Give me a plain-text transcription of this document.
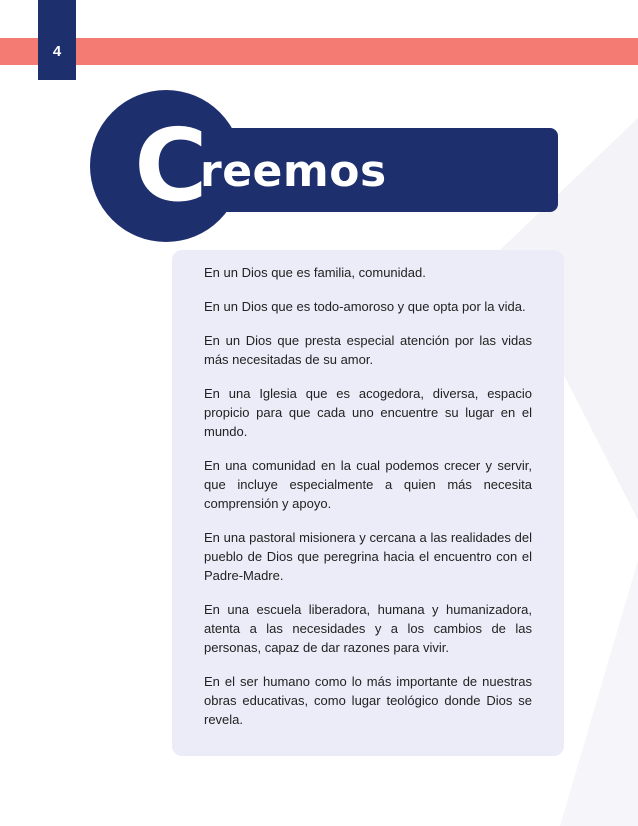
4
C
reemos
En un Dios que es familia, comunidad.
En un Dios que es todo-amoroso y que opta por la vida.
En un Dios que presta especial atención por las vidas más necesitadas de su amor.
En una Iglesia que es acogedora, diversa, espacio propicio para que cada uno encuentre su lugar en el mundo.
En una comunidad en la cual podemos crecer y servir, que incluye especialmente a quien más necesita comprensión y apoyo.
En una pastoral misionera y cercana a las realidades del pueblo de Dios que peregrina hacia el encuentro con el Padre-Madre.
En una escuela liberadora, humana y humanizadora, atenta a las necesidades y a los cambios de las personas, capaz de dar razones para vivir.
En el ser humano como lo más importante de nuestras obras educativas, como lugar teológico donde Dios se revela.
